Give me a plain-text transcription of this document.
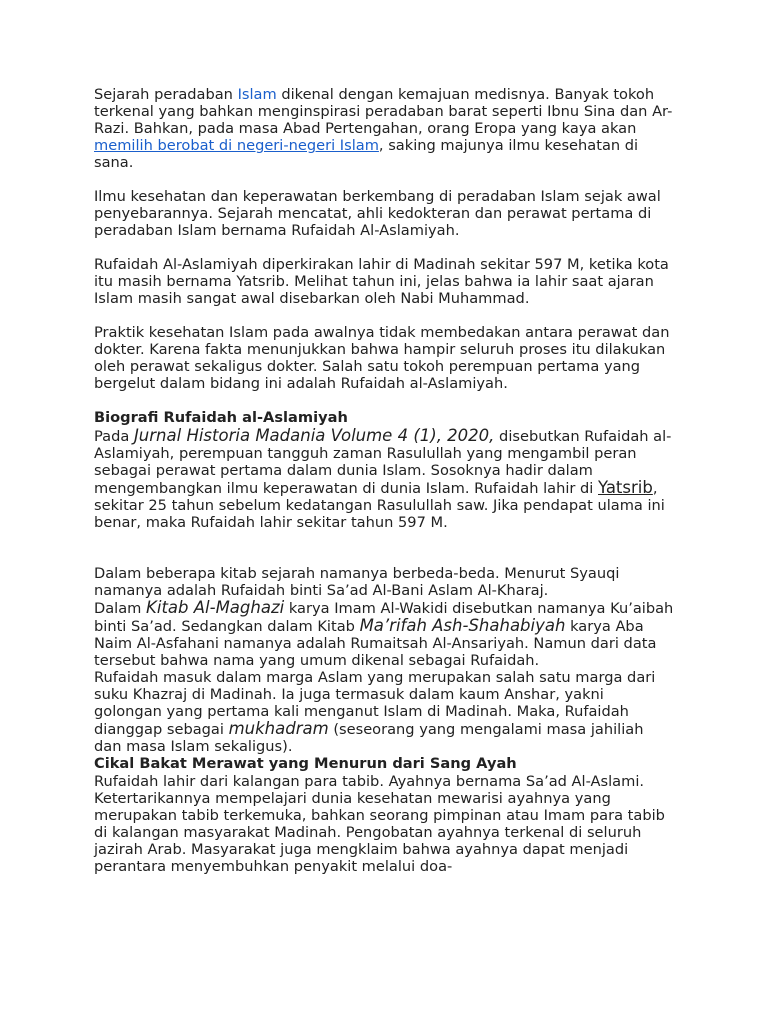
Sejarah peradaban Islam dikenal dengan kemajuan medisnya. Banyak tokoh terkenal yang bahkan menginspirasi peradaban barat seperti Ibnu Sina dan Ar-Razi. Bahkan, pada masa Abad Pertengahan, orang Eropa yang kaya akan memilih berobat di negeri-negeri Islam, saking majunya ilmu kesehatan di sana.

Ilmu kesehatan dan keperawatan berkembang di peradaban Islam sejak awal penyebarannya. Sejarah mencatat, ahli kedokteran dan perawat pertama di peradaban Islam bernama Rufaidah Al-Aslamiyah.

Rufaidah Al-Aslamiyah diperkirakan lahir di Madinah sekitar 597 M, ketika kota itu masih bernama Yatsrib. Melihat tahun ini, jelas bahwa ia lahir saat ajaran Islam masih sangat awal disebarkan oleh Nabi Muhammad.

Praktik kesehatan Islam pada awalnya tidak membedakan antara perawat dan dokter. Karena fakta menunjukkan bahwa hampir seluruh proses itu dilakukan oleh perawat sekaligus dokter. Salah satu tokoh perempuan pertama yang bergelut dalam bidang ini adalah Rufaidah al-Aslamiyah.

Biografi Rufaidah al-Aslamiyah

Pada Jurnal Historia Madania Volume 4 (1), 2020, disebutkan Rufaidah al-Aslamiyah, perempuan tangguh zaman Rasulullah yang mengambil peran sebagai perawat pertama dalam dunia Islam. Sosoknya hadir dalam mengembangkan ilmu keperawatan di dunia Islam. Rufaidah lahir di Yatsrib, sekitar 25 tahun sebelum kedatangan Rasulullah saw. Jika pendapat ulama ini benar, maka Rufaidah lahir sekitar tahun 597 M.

Dalam beberapa kitab sejarah namanya berbeda-beda. Menurut Syauqi namanya adalah Rufaidah binti Sa’ad Al-Bani Aslam Al-Kharaj.

Dalam Kitab Al-Maghazi karya Imam Al-Wakidi disebutkan namanya Ku’aibah binti Sa’ad. Sedangkan dalam Kitab Ma’rifah Ash-Shahabiyah karya Aba Naim Al-Asfahani namanya adalah Rumaitsah Al-Ansariyah. Namun dari data tersebut bahwa nama yang umum dikenal sebagai Rufaidah.

Rufaidah masuk dalam marga Aslam yang merupakan salah satu marga dari suku Khazraj di Madinah. Ia juga termasuk dalam kaum Anshar, yakni golongan yang pertama kali menganut Islam di Madinah. Maka, Rufaidah dianggap sebagai mukhadram (seseorang yang mengalami masa jahiliah dan masa Islam sekaligus).

Cikal Bakat Merawat yang Menurun dari Sang Ayah

Rufaidah lahir dari kalangan para tabib. Ayahnya bernama Sa’ad Al-Aslami. Ketertarikannya mempelajari dunia kesehatan mewarisi ayahnya yang merupakan tabib terkemuka, bahkan seorang pimpinan atau Imam para tabib di kalangan masyarakat Madinah. Pengobatan ayahnya terkenal di seluruh jazirah Arab. Masyarakat juga mengklaim bahwa ayahnya dapat menjadi perantara menyembuhkan penyakit melalui doa-
